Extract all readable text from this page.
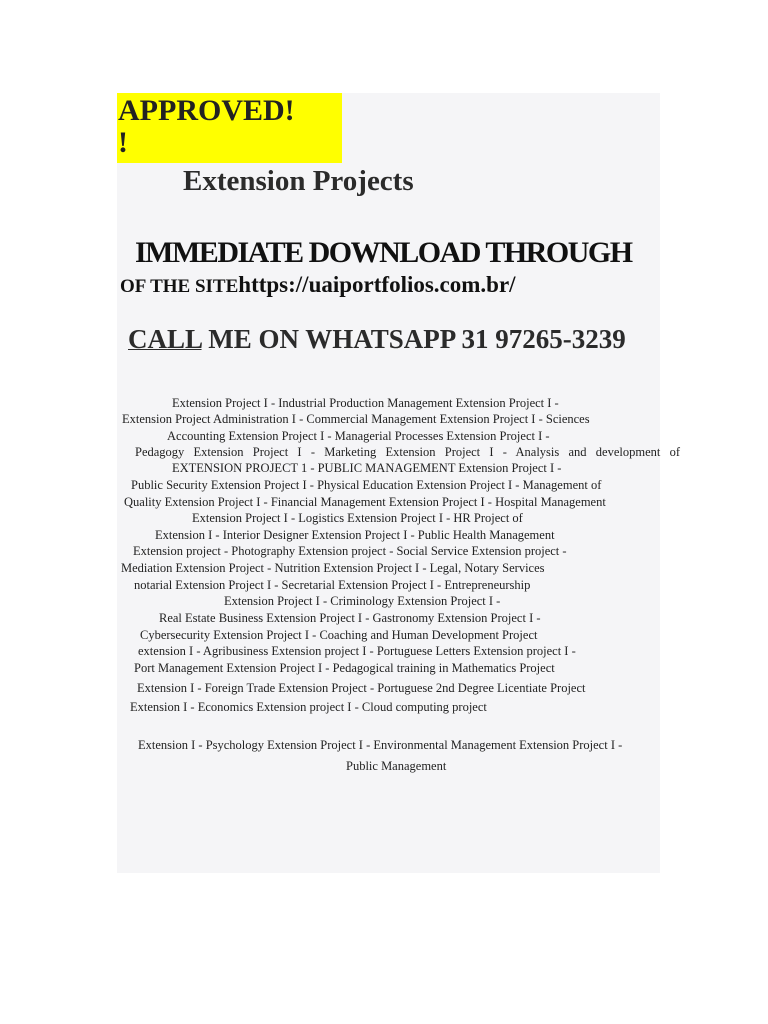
APPROVED!
!
Extension Projects
IMMEDIATE DOWNLOAD THROUGH
OF THE SITEhttps://uaiportfolios.com.br/
CALL ME ON WHATSAPP 31 97265-3239
Extension Project I - Industrial Production Management Extension Project I -
Extension Project Administration I - Commercial Management Extension Project I - Sciences
Accounting Extension Project I - Managerial Processes Extension Project I -
Pedagogy Extension Project I - Marketing Extension Project I - Analysis and development of
EXTENSION PROJECT 1 - PUBLIC MANAGEMENT Extension Project I -
Public Security Extension Project I - Physical Education Extension Project I - Management of
Quality Extension Project I - Financial Management Extension Project I - Hospital Management
Extension Project I - Logistics Extension Project I - HR Project of
Extension I - Interior Designer Extension Project I - Public Health Management
Extension project - Photography Extension project - Social Service Extension project -
Mediation Extension Project - Nutrition Extension Project I - Legal, Notary Services
notarial Extension Project I - Secretarial Extension Project I - Entrepreneurship
Extension Project I - Criminology Extension Project I -
Real Estate Business Extension Project I - Gastronomy Extension Project I -
Cybersecurity Extension Project I - Coaching and Human Development Project
extension I - Agribusiness Extension project I - Portuguese Letters Extension project I -
Port Management Extension Project I - Pedagogical training in Mathematics Project
Extension I - Foreign Trade Extension Project - Portuguese 2nd Degree Licentiate Project
Extension I - Economics Extension project I - Cloud computing project
Extension I - Psychology Extension Project I - Environmental Management Extension Project I -
Public Management
